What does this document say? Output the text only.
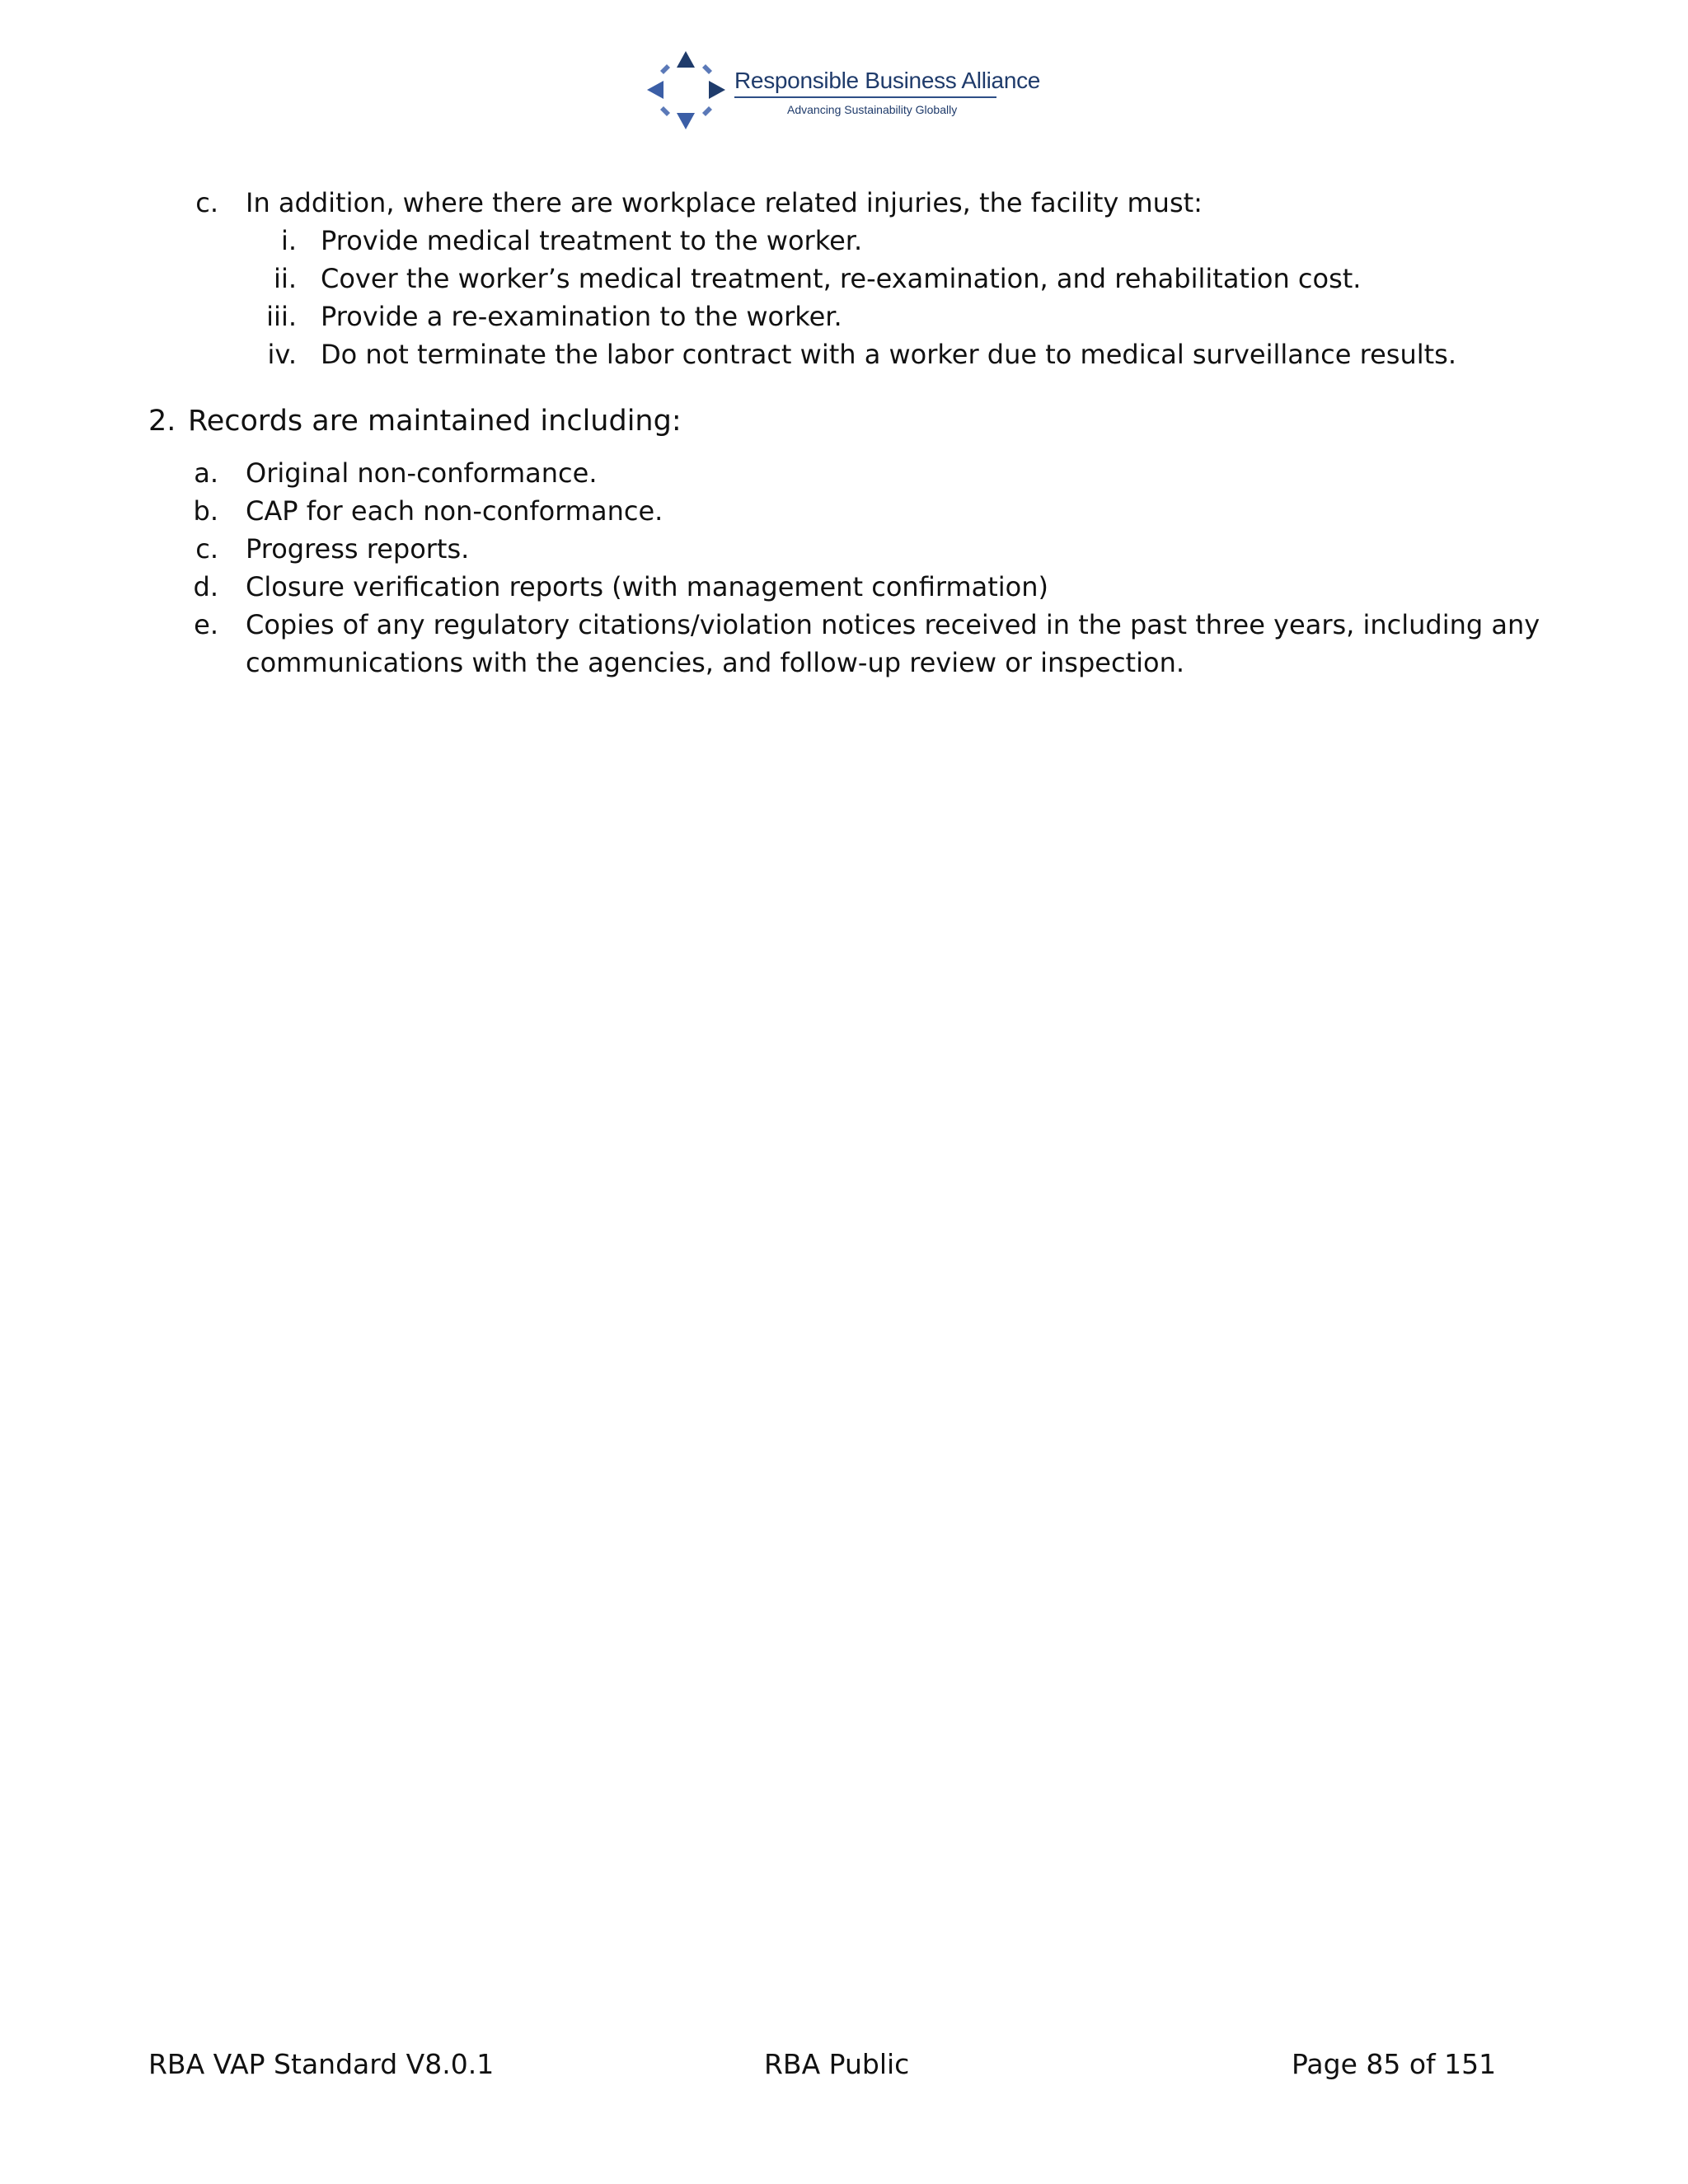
Responsible Business Alliance
Advancing Sustainability Globally
c. In addition, where there are workplace related injuries, the facility must:
i. Provide medical treatment to the worker.
ii. Cover the worker’s medical treatment, re-examination, and rehabilitation cost.
iii. Provide a re-examination to the worker.
iv. Do not terminate the labor contract with a worker due to medical surveillance results.
2. Records are maintained including:
a. Original non-conformance.
b. CAP for each non-conformance.
c. Progress reports.
d. Closure verification reports (with management confirmation)
e. Copies of any regulatory citations/violation notices received in the past three years, including any
communications with the agencies, and follow-up review or inspection.
RBA VAP Standard V8.0.1	RBA Public	Page 85 of 151
